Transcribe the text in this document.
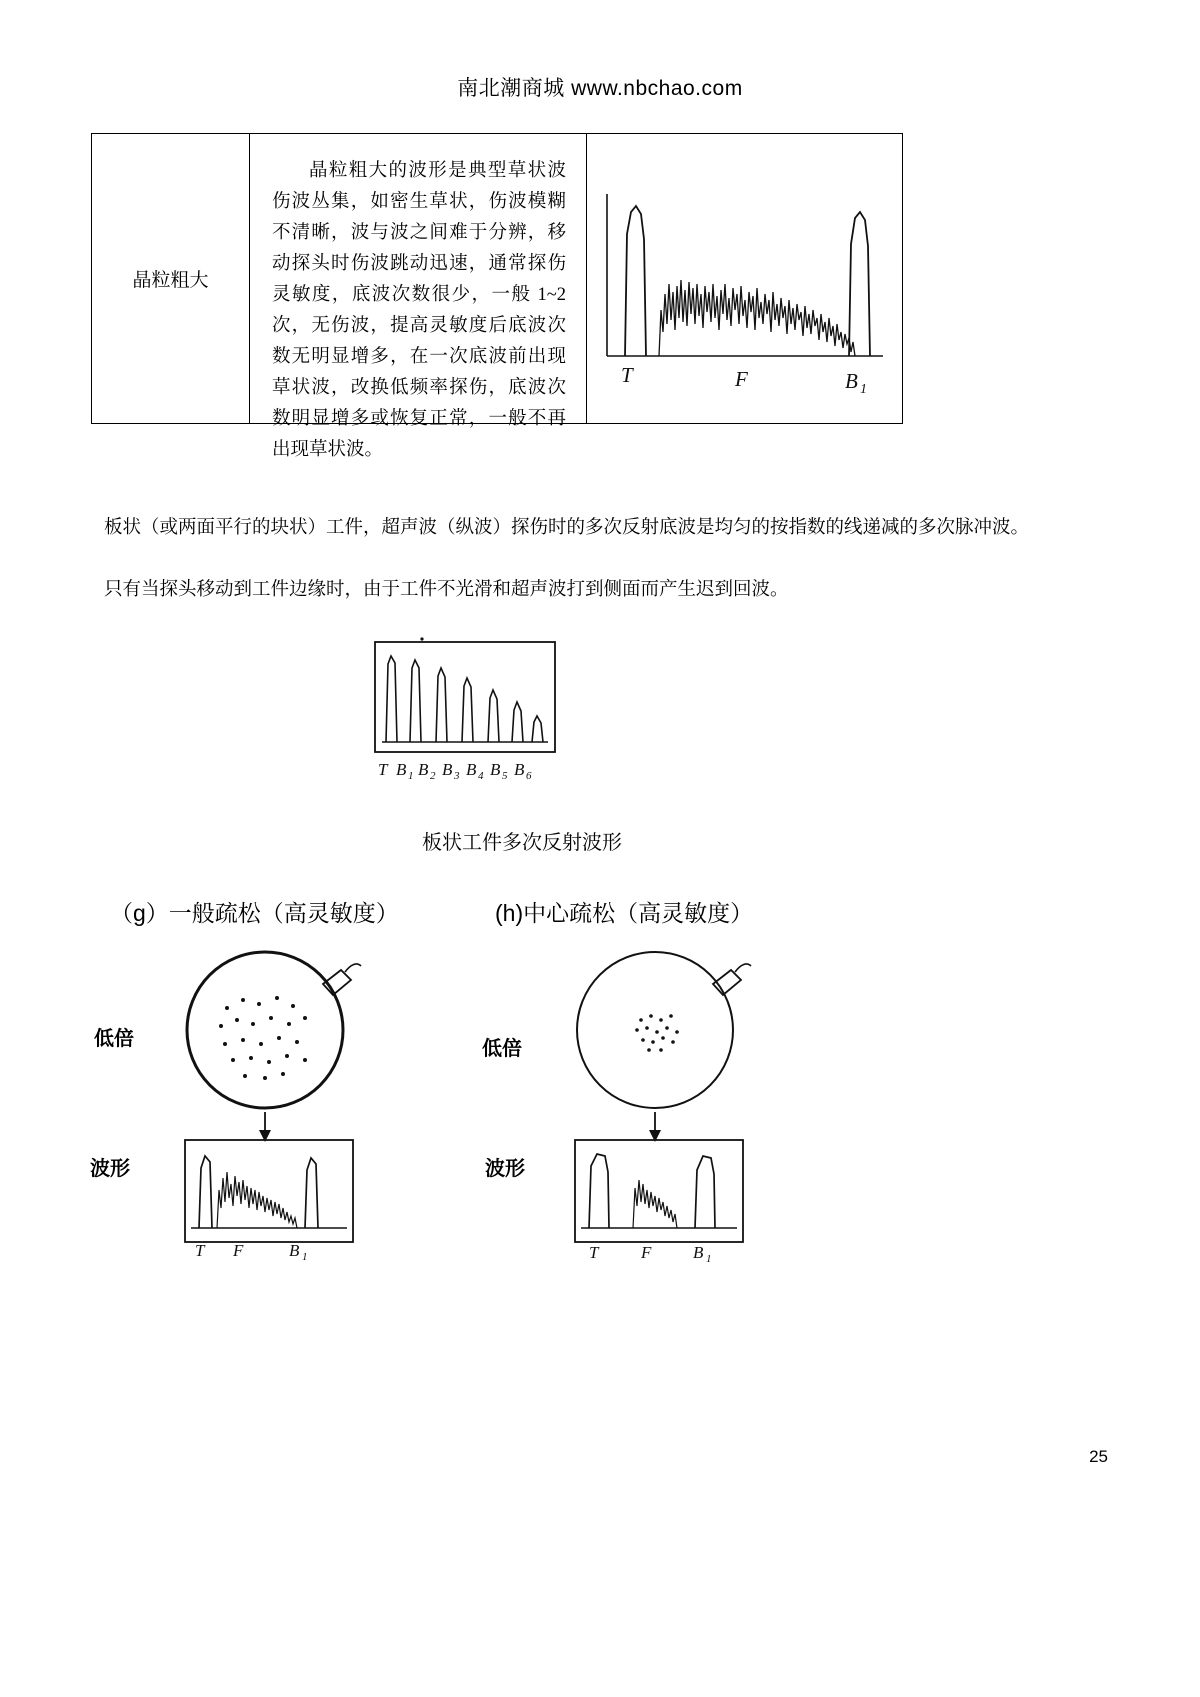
南北潮商城 www.nbchao.com
晶粒粗大
晶粒粗大的波形是典型草状波伤波丛集，如密生草状，伤波模糊不清晰，波与波之间难于分辨，移动探头时伤波跳动迅速，通常探伤灵敏度，底波次数很少，一般 1~2 次，无伤波，提高灵敏度后底波次数无明显增多，在一次底波前出现草状波，改换低频率探伤，底波次数明显增多或恢复正常，一般不再出现草状波。
T	F	B 1
板状（或两面平行的块状）工件，超声波（纵波）探伤时的多次反射底波是均匀的按指数的线递减的多次脉冲波。
只有当探头移动到工件边缘时，由于工件不光滑和超声波打到侧面而产生迟到回波。
T B 1 B 2 B 3 B 4 B 5 B 6
板状工件多次反射波形
（g）一般疏松（高灵敏度）	(h)中心疏松（高灵敏度）
低倍
波形
低倍
波形
T F	B 1	T	F B 1
25
